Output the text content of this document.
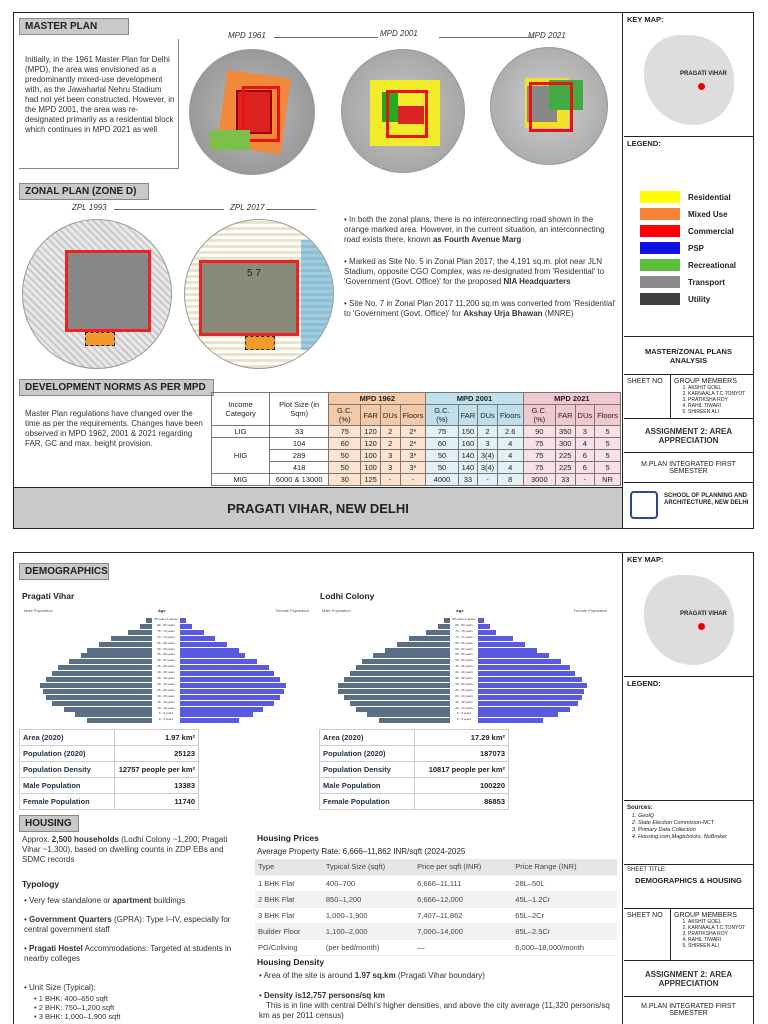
MASTER PLAN
Initially, in the 1961 Master Plan for Delhi (MPD), the area was envisioned as a predominantly mixed-use development with, as the Jawaharlal Nehru Stadium had not yet been constructed. However, in the MPD 2001, the area was re-designated primarily as a residential block which continues in MPD 2021 as well
MPD 1961	MPD 2001	MPD 2021
ZONAL PLAN (ZONE D)
ZPL 1993	ZPL 2017
5 7
• In both the zonal plans, there is no interconnecting road shown in the orange marked area. However, in the current situation, an interconnecting road exists there, known as Fourth Avenue Marg
• Marked as Site No. 5 in Zonal Plan 2017, the 4,191 sq.m. plot near JLN Stadium, opposite CGO Complex, was re-designated from 'Residential' to 'Government (Govt. Office)' for the proposed NIA Headquarters
• Site No. 7 in Zonal Plan 2017 11,200 sq.m was converted from 'Residential' to 'Government (Govt. Office)' for Akshay Urja Bhawan (MNRE)
DEVELOPMENT NORMS AS PER MPD
Master Plan regulations have changed over the time as per the requirements. Changes have been observed in MPD 1962, 2001 & 2021 regarding FAR, GC and max. height provision.
Income Category	Plot Size (in Sqm)	MPD 1962				MPD 2001				MPD 2021			
		G.C. (%)	FAR	DUs	Floors	G.C. (%)	FAR	DUs	Floors	G.C. (%)	FAR	DUs	Floors
LIG	33	75	120	2	2*	75	150	2	2.6	90	350	3	5
HIG	104	60	120	2	2*	60	160	3	4	75	300	4	5
	289	50	100	3	3*	50	140	3(4)	4	75	225	6	5
	418	50	100	3	3*	50	140	3(4)	4	75	225	6	5
MIG	6000 & 13000	30	125	-	-	4000	33	-	8	3000	33	-	NR
PRAGATI VIHAR, NEW DELHI
KEY MAP:
PRAGATI VIHAR
LEGEND:
Residential
Mixed Use
Commercial
PSP
Recreational
Transport
Utility
MASTER/ZONAL PLANS ANALYSIS
SHEET NO GROUP MEMBERS
1. AKSHIT GOEL
2. KARNAALA T.C.TONYOT
3. PRATIKSHA ROY
4. RAHIL TIWARI
5. SHIREEN ALI
ASSIGNMENT 2: AREA APPRECIATION
M.PLAN INTEGRATED FIRST SEMESTER
SCHOOL OF PLANNING AND ARCHITECTURE, NEW DELHI
DEMOGRAPHICS
Pragati Vihar	Lodhi Colony
Male Population	Female Population
Age
85 years & above
80 - 84 years
75 - 79 years
70 - 74 years
65 - 69 years
60 - 64 years
55 - 59 years
50 - 54 years
45 - 49 years
40 - 44 years
35 - 39 years
30 - 34 years
25 - 29 years
20 - 24 years
15 - 19 years
10 - 14 years
5 - 9 years
0 - 4 years
Male Population	Female Population
Age
85 years & above
80 - 84 years
75 - 79 years
70 - 74 years
65 - 69 years
60 - 64 years
55 - 59 years
50 - 54 years
45 - 49 years
40 - 44 years
35 - 39 years
30 - 34 years
25 - 29 years
20 - 24 years
15 - 19 years
10 - 14 years
5 - 9 years
0 - 4 years
Area (2020)	1.97 km²
Population (2020)	25123
Population Density	12757 people per km²
Male Population	13383
Female Population	11740
Area (2020)	17.29 km²
Population (2020)	187073
Population Density	10817 people per km²
Male Population	100220
Female Population	86853
HOUSING
Approx. 2,500 households (Lodhi Colony ~1,200; Pragati Vihar ~1,300), based on dwelling counts in ZDP EBs and SDMC records
Typology
• Very few standalone or apartment buildings
• Government Quarters (GPRA): Type I–IV, especially for central government staff
• Pragati Hostel Accommodations: Targeted at students in nearby colleges
• Unit Size (Typical):
• 1 BHK: 400–650 sqft
• 2 BHK: 750–1,200 sqft
• 3 BHK: 1,000–1,900 sqft
Housing Prices
Average Property Rate: 6,666–11,862 INR/sqft (2024-2025
Type	Typical Size (sqft)	Price per sqft (INR)	Price Range (INR)
1 BHK Flat	400–700	6,666–11,111	28L–50L
2 BHK Flat	850–1,200	6,666–12,000	45L–1.2Cr
3 BHK Flat	1,000–1,900	7,407–11,862	65L–2Cr
Builder Floor	1,100–2,000	7,000–14,000	85L–2.5Cr
PG/Coliving	(per bed/month)	—	6,000–18,000/month
Housing Density
• Area of the site is around 1.97 sq.km (Pragati Vihar boundary)
• Density is12,757 persons/sq km
This is in line with central Delhi's higher densities, and above the city average (11,320 persons/sq km as per 2011 census)
KEY MAP:
PRAGATI VIHAR
LEGEND:
Sources:
1. GeoIQ
2. State Election Commision-NCT
3. Primary Data Collection
4. Housing.com,Magicbricks, NoBroker
SHEET TITLE:
DEMOGRAPHICS & HOUSING
SHEET NO GROUP MEMBERS
1. AKSHIT GOEL
2. KARNAALA T.C.TONYOT
3. PRATIKSHA ROY
4. RAHIL TIWARI
5. SHIREEN ALI
ASSIGNMENT 2: AREA APPRECIATION
M.PLAN INTEGRATED FIRST SEMESTER
